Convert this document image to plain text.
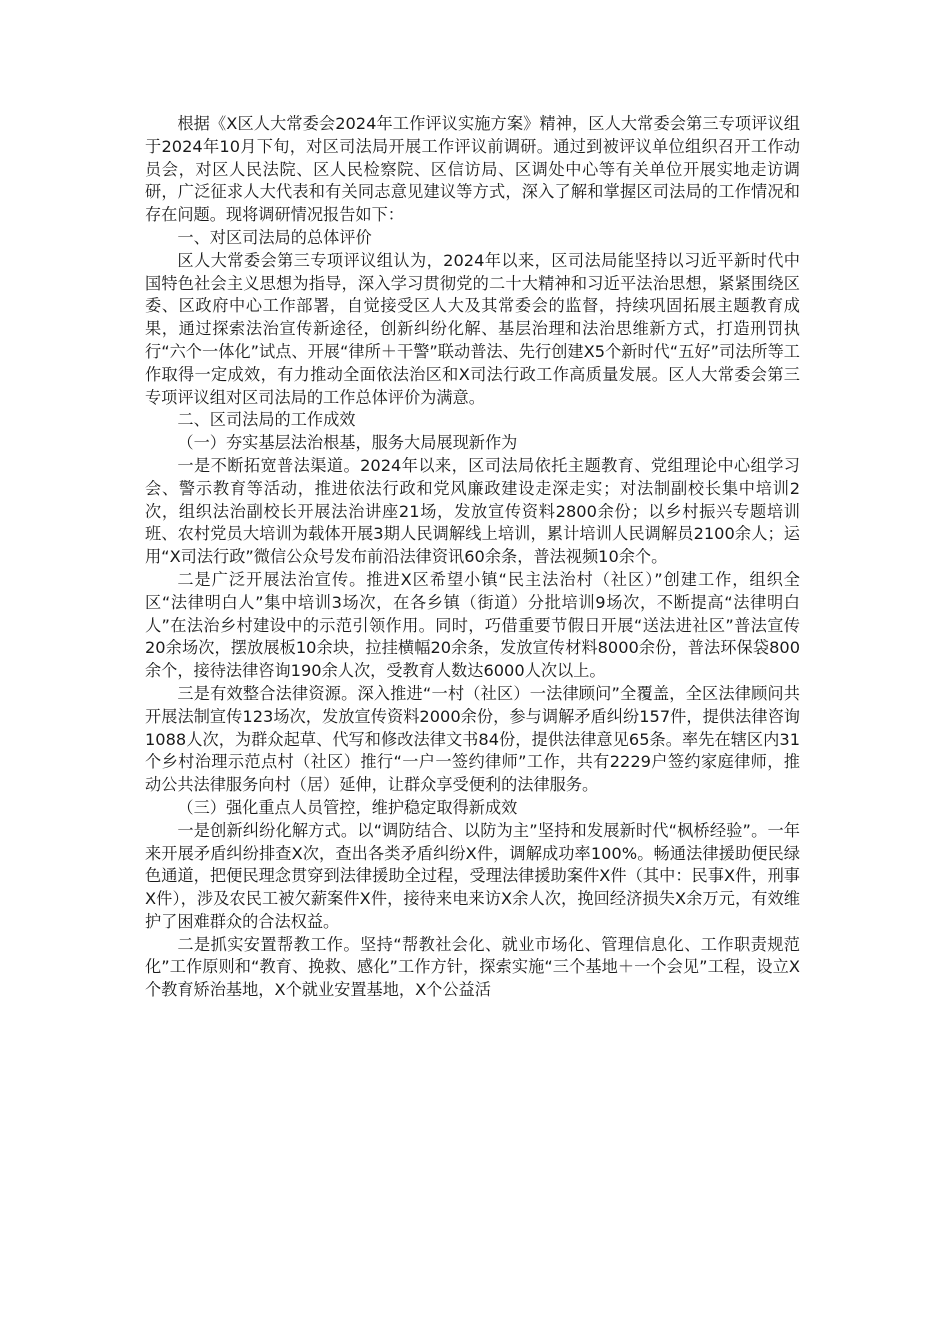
根据《X区人大常委会2024年工作评议实施方案》精神，区人大常委会第三专项评议组于2024年10月下旬，对区司法局开展工作评议前调研。通过到被评议单位组织召开工作动员会，对区人民法院、区人民检察院、区信访局、区调处中心等有关单位开展实地走访调研，广泛征求人大代表和有关同志意见建议等方式，深入了解和掌握区司法局的工作情况和存在问题。现将调研情况报告如下：

一、对区司法局的总体评价

区人大常委会第三专项评议组认为，2024年以来，区司法局能坚持以习近平新时代中国特色社会主义思想为指导，深入学习贯彻党的二十大精神和习近平法治思想，紧紧围绕区委、区政府中心工作部署，自觉接受区人大及其常委会的监督，持续巩固拓展主题教育成果，通过探索法治宣传新途径，创新纠纷化解、基层治理和法治思维新方式，打造刑罚执行“六个一体化”试点、开展“律所＋干警”联动普法、先行创建X5个新时代“五好”司法所等工作取得一定成效，有力推动全面依法治区和X司法行政工作高质量发展。区人大常委会第三专项评议组对区司法局的工作总体评价为满意。

二、区司法局的工作成效

（一）夯实基层法治根基，服务大局展现新作为

一是不断拓宽普法渠道。2024年以来，区司法局依托主题教育、党组理论中心组学习会、警示教育等活动，推进依法行政和党风廉政建设走深走实；对法制副校长集中培训2次，组织法治副校长开展法治讲座21场，发放宣传资料2800余份；以乡村振兴专题培训班、农村党员大培训为载体开展3期人民调解线上培训，累计培训人民调解员2100余人；运用“X司法行政”微信公众号发布前沿法律资讯60余条，普法视频10余个。

二是广泛开展法治宣传。推进X区希望小镇“民主法治村（社区）”创建工作，组织全区“法律明白人”集中培训3场次，在各乡镇（街道）分批培训9场次，不断提高“法律明白人”在法治乡村建设中的示范引领作用。同时，巧借重要节假日开展“送法进社区”普法宣传20余场次，摆放展板10余块，拉挂横幅20余条，发放宣传材料8000余份，普法环保袋800余个，接待法律咨询190余人次，受教育人数达6000人次以上。

三是有效整合法律资源。深入推进“一村（社区）一法律顾问”全覆盖，全区法律顾问共开展法制宣传123场次，发放宣传资料2000余份，参与调解矛盾纠纷157件，提供法律咨询1088人次，为群众起草、代写和修改法律文书84份，提供法律意见65条。率先在辖区内31个乡村治理示范点村（社区）推行“一户一签约律师”工作，共有2229户签约家庭律师，推动公共法律服务向村（居）延伸，让群众享受便利的法律服务。

（三）强化重点人员管控，维护稳定取得新成效

一是创新纠纷化解方式。以“调防结合、以防为主”坚持和发展新时代“枫桥经验”。一年来开展矛盾纠纷排查X次，查出各类矛盾纠纷X件，调解成功率100%。畅通法律援助便民绿色通道，把便民理念贯穿到法律援助全过程，受理法律援助案件X件（其中：民事X件，刑事X件），涉及农民工被欠薪案件X件，接待来电来访X余人次，挽回经济损失X余万元，有效维护了困难群众的合法权益。

二是抓实安置帮教工作。坚持“帮教社会化、就业市场化、管理信息化、工作职责规范化”工作原则和“教育、挽救、感化”工作方针，探索实施“三个基地＋一个会见”工程，设立X个教育矫治基地，X个就业安置基地，X个公益活
